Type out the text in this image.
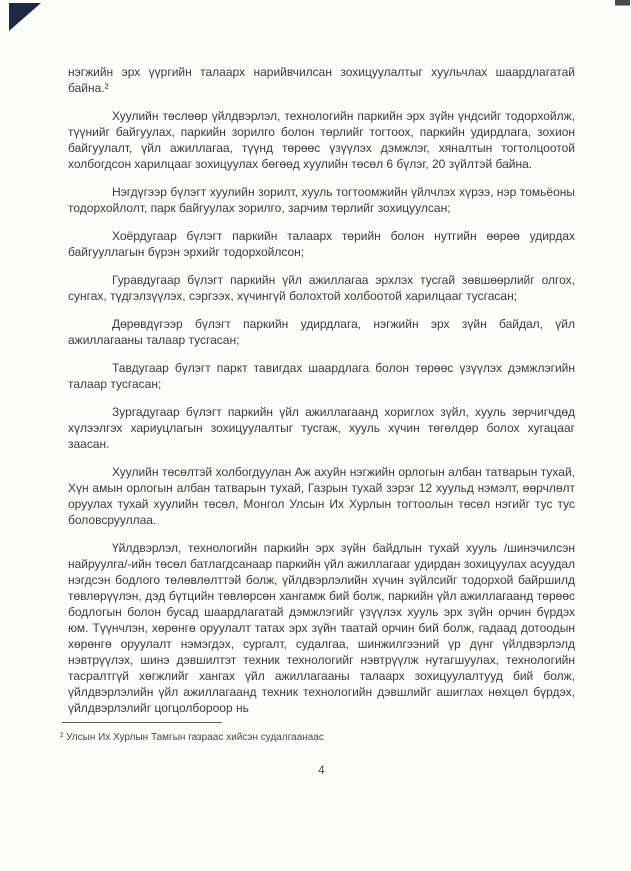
нэгжийн эрх үүргийн талаарх нарийвчилсан зохицуулалтыг хуульчлах шаардлагатай байна.²

Хуулийн төслөөр үйлдвэрлэл, технологийн паркийн эрх зүйн үндсийг тодорхойлж, түүнийг байгуулах, паркийн зорилго болон төрлийг тогтоох, паркийн удирдлага, зохион байгуулалт, үйл ажиллагаа, түүнд төрөөс үзүүлэх дэмжлэг, хяналтын тогтолцоотой холбогдсон харилцааг зохицуулах бөгөөд хуулийн төсөл 6 бүлэг, 20 зүйлтэй байна.

Нэгдүгээр бүлэгт хуулийн зорилт, хууль тогтоомжийн үйлчлэх хүрээ, нэр томьёоны тодорхойлолт, парк байгуулах зорилго, зарчим төрлийг зохицуулсан;

Хоёрдугаар бүлэгт паркийн талаарх төрийн болон нутгийн өөрөө удирдах байгууллагын бүрэн эрхийг тодорхойлсон;

Гуравдугаар бүлэгт паркийн үйл ажиллагаа эрхлэх тусгай зөвшөөрлийг олгох, сунгах, түдгэлзүүлэх, сэргээх, хүчингүй болохтой холбоотой харилцааг тусгасан;

Дөрөвдүгээр бүлэгт паркийн удирдлага, нэгжийн эрх зүйн байдал, үйл ажиллагааны талаар тусгасан;

Тавдугаар бүлэгт паркт тавигдах шаардлага болон төрөөс үзүүлэх дэмжлэгийн талаар тусгасан;

Зургадугаар бүлэгт паркийн үйл ажиллагаанд хориглох зүйл, хууль зөрчигчдөд хүлээлгэх хариуцлагын зохицуулалтыг тусгаж, хууль хүчин төгөлдөр болох хугацааг заасан.

Хуулийн төсөлтэй холбогдуулан Аж ахуйн нэгжийн орлогын албан татварын тухай, Хүн амын орлогын албан татварын тухай, Газрын тухай зэрэг 12 хуульд нэмэлт, өөрчлөлт оруулах тухай хуулийн төсөл, Монгол Улсын Их Хурлын тогтоолын төсөл нэгийг тус тус боловсрууллаа.

Үйлдвэрлэл, технологийн паркийн эрх зүйн байдлын тухай хууль /шинэчилсэн найруулга/-ийн төсөл батлагдсанаар паркийн үйл ажиллагааг удирдан зохицуулах асуудал нэгдсэн бодлого төлөвлөлттэй болж, үйлдвэрлэлийн хүчин зүйлсийг тодорхой байршилд төвлөрүүлэн, дэд бүтцийн төвлөрсөн хангамж бий болж, паркийн үйл ажиллагаанд төрөөс бодлогын болон бусад шаардлагатай дэмжлэгийг үзүүлэх хууль эрх зүйн орчин бүрдэх юм. Түүнчлэн, хөрөнгө оруулалт татах эрх зүйн таатай орчин бий болж, гадаад дотоодын хөрөнгө оруулалт нэмэгдэх, сургалт, судалгаа, шинжилгээний үр дүнг үйлдвэрлэлд нэвтрүүлэх, шинэ дэвшилтэт техник технологийг нэвтрүүлж нутагшуулах, технологийн тасралтгүй хөгжлийг хангах үйл ажиллагааны талаарх зохицуулалтууд бий болж, үйлдвэрлэлийн үйл ажиллагаанд техник технологийн дэвшлийг ашиглах нөхцөл бүрдэх, үйлдвэрлэлийг цогцолбороор нь

² Улсын Их Хурлын Тамгын газраас хийсэн судалгаанаас
4
